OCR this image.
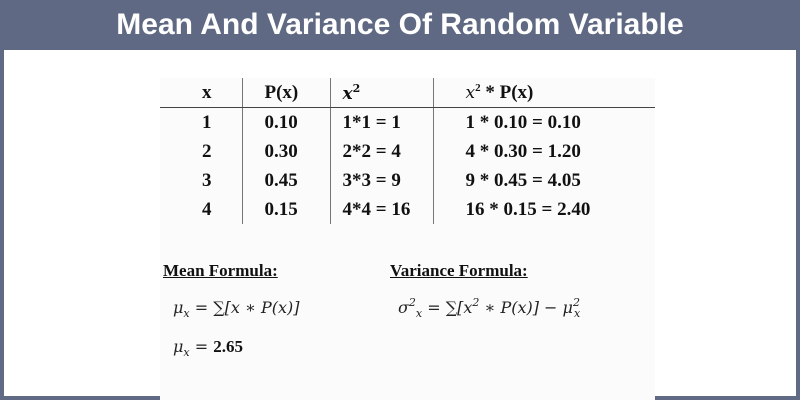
Mean And Variance Of Random Variable
x	P(x)	$x^2$	$x^2 * P(x)$
1	0.10	1*1 = 1	1 * 0.10 = 0.10
2	0.30	2*2 = 4	4 * 0.30 = 1.20
3	0.45	3*3 = 9	9 * 0.45 = 4.05
4	0.15	4*4 = 16	16 * 0.15 = 2.40
Mean Formula:
$\mu_x = \sum[x$ ∗ P(x)]
$\mu_x = 2.65$
Variance Formula:
$\sigma^2_x = \sum[x^2$ ∗ $P(x)] - \mu^2_x$
